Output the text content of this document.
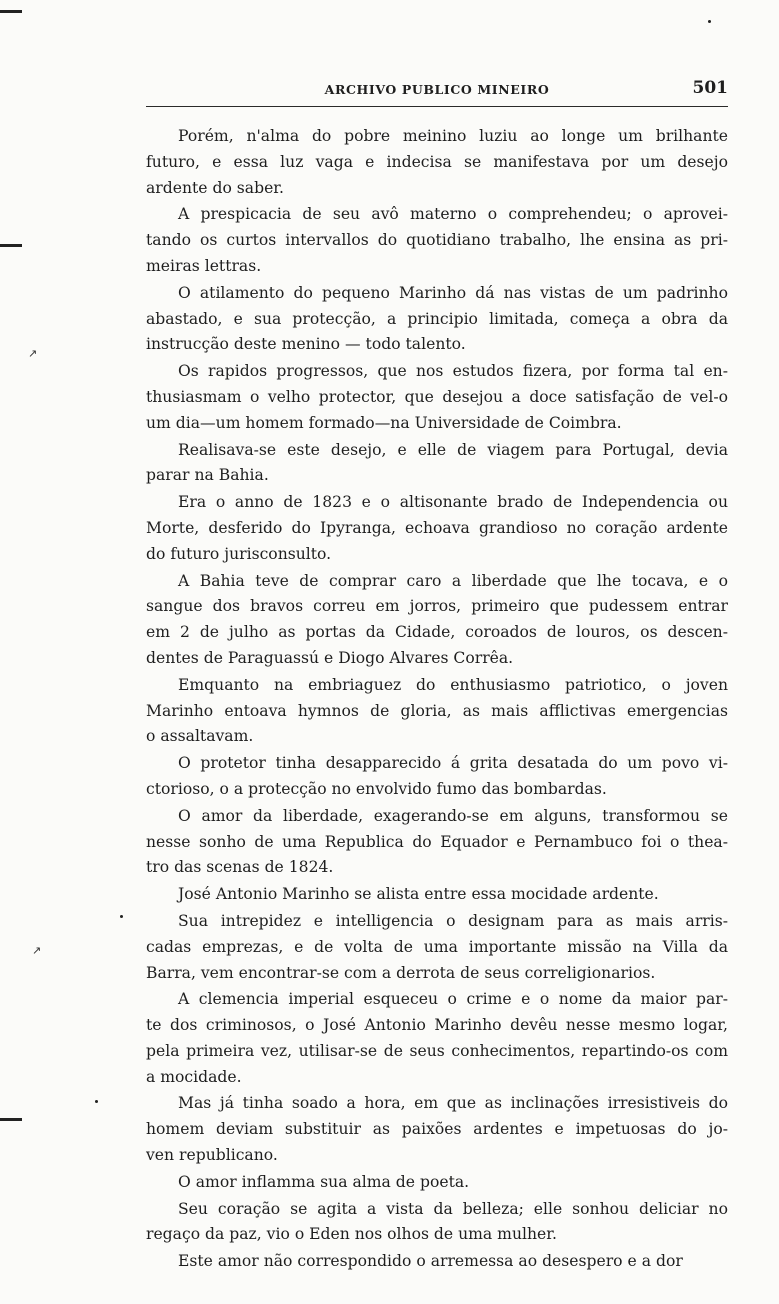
ARCHIVO PUBLICO MINEIRO	501
Porém, n'alma do pobre meinino luziu ao longe um brilhante
futuro, e essa luz vaga e indecisa se manifestava por um desejo
ardente do saber.
A prespicacia de seu avô materno o comprehendeu; o aprovei-
tando os curtos intervallos do quotidiano trabalho, lhe ensina as pri-
meiras lettras.
O atilamento do pequeno Marinho dá nas vistas de um padrinho
abastado, e sua protecção, a principio limitada, começa a obra da
instrucção deste menino — todo talento.
Os rapidos progressos, que nos estudos fizera, por forma tal en-
thusiasmam o velho protector, que desejou a doce satisfação de vel-o
um dia—um homem formado—na Universidade de Coimbra.
Realisava-se este desejo, e elle de viagem para Portugal, devia
parar na Bahia.
Era o anno de 1823 e o altisonante brado de Independencia ou
Morte, desferido do Ipyranga, echoava grandioso no coração ardente
do futuro jurisconsulto.
A Bahia teve de comprar caro a liberdade que lhe tocava, e o
sangue dos bravos correu em jorros, primeiro que pudessem entrar
em 2 de julho as portas da Cidade, coroados de louros, os descen-
dentes de Paraguassú e Diogo Alvares Corrêa.
Emquanto na embriaguez do enthusiasmo patriotico, o joven
Marinho entoava hymnos de gloria, as mais afflictivas emergencias
o assaltavam.
O protetor tinha desapparecido á grita desatada do um povo vi-
ctorioso, o a protecção no envolvido fumo das bombardas.
O amor da liberdade, exagerando-se em alguns, transformou se
nesse sonho de uma Republica do Equador e Pernambuco foi o thea-
tro das scenas de 1824.
José Antonio Marinho se alista entre essa mocidade ardente.
Sua intrepidez e intelligencia o designam para as mais arris-
cadas emprezas, e de volta de uma importante missão na Villa da
Barra, vem encontrar-se com a derrota de seus correligionarios.
A clemencia imperial esqueceu o crime e o nome da maior par-
te dos criminosos, o José Antonio Marinho devêu nesse mesmo logar,
pela primeira vez, utilisar-se de seus conhecimentos, repartindo-os com
a mocidade.
Mas já tinha soado a hora, em que as inclinações irresistiveis do
homem deviam substituir as paixões ardentes e impetuosas do jo-
ven republicano.
O amor inflamma sua alma de poeta.
Seu coração se agita a vista da belleza; elle sonhou deliciar no
regaço da paz, vio o Eden nos olhos de uma mulher.
Este amor não correspondido o arremessa ao desespero e a dor
↗
↗
